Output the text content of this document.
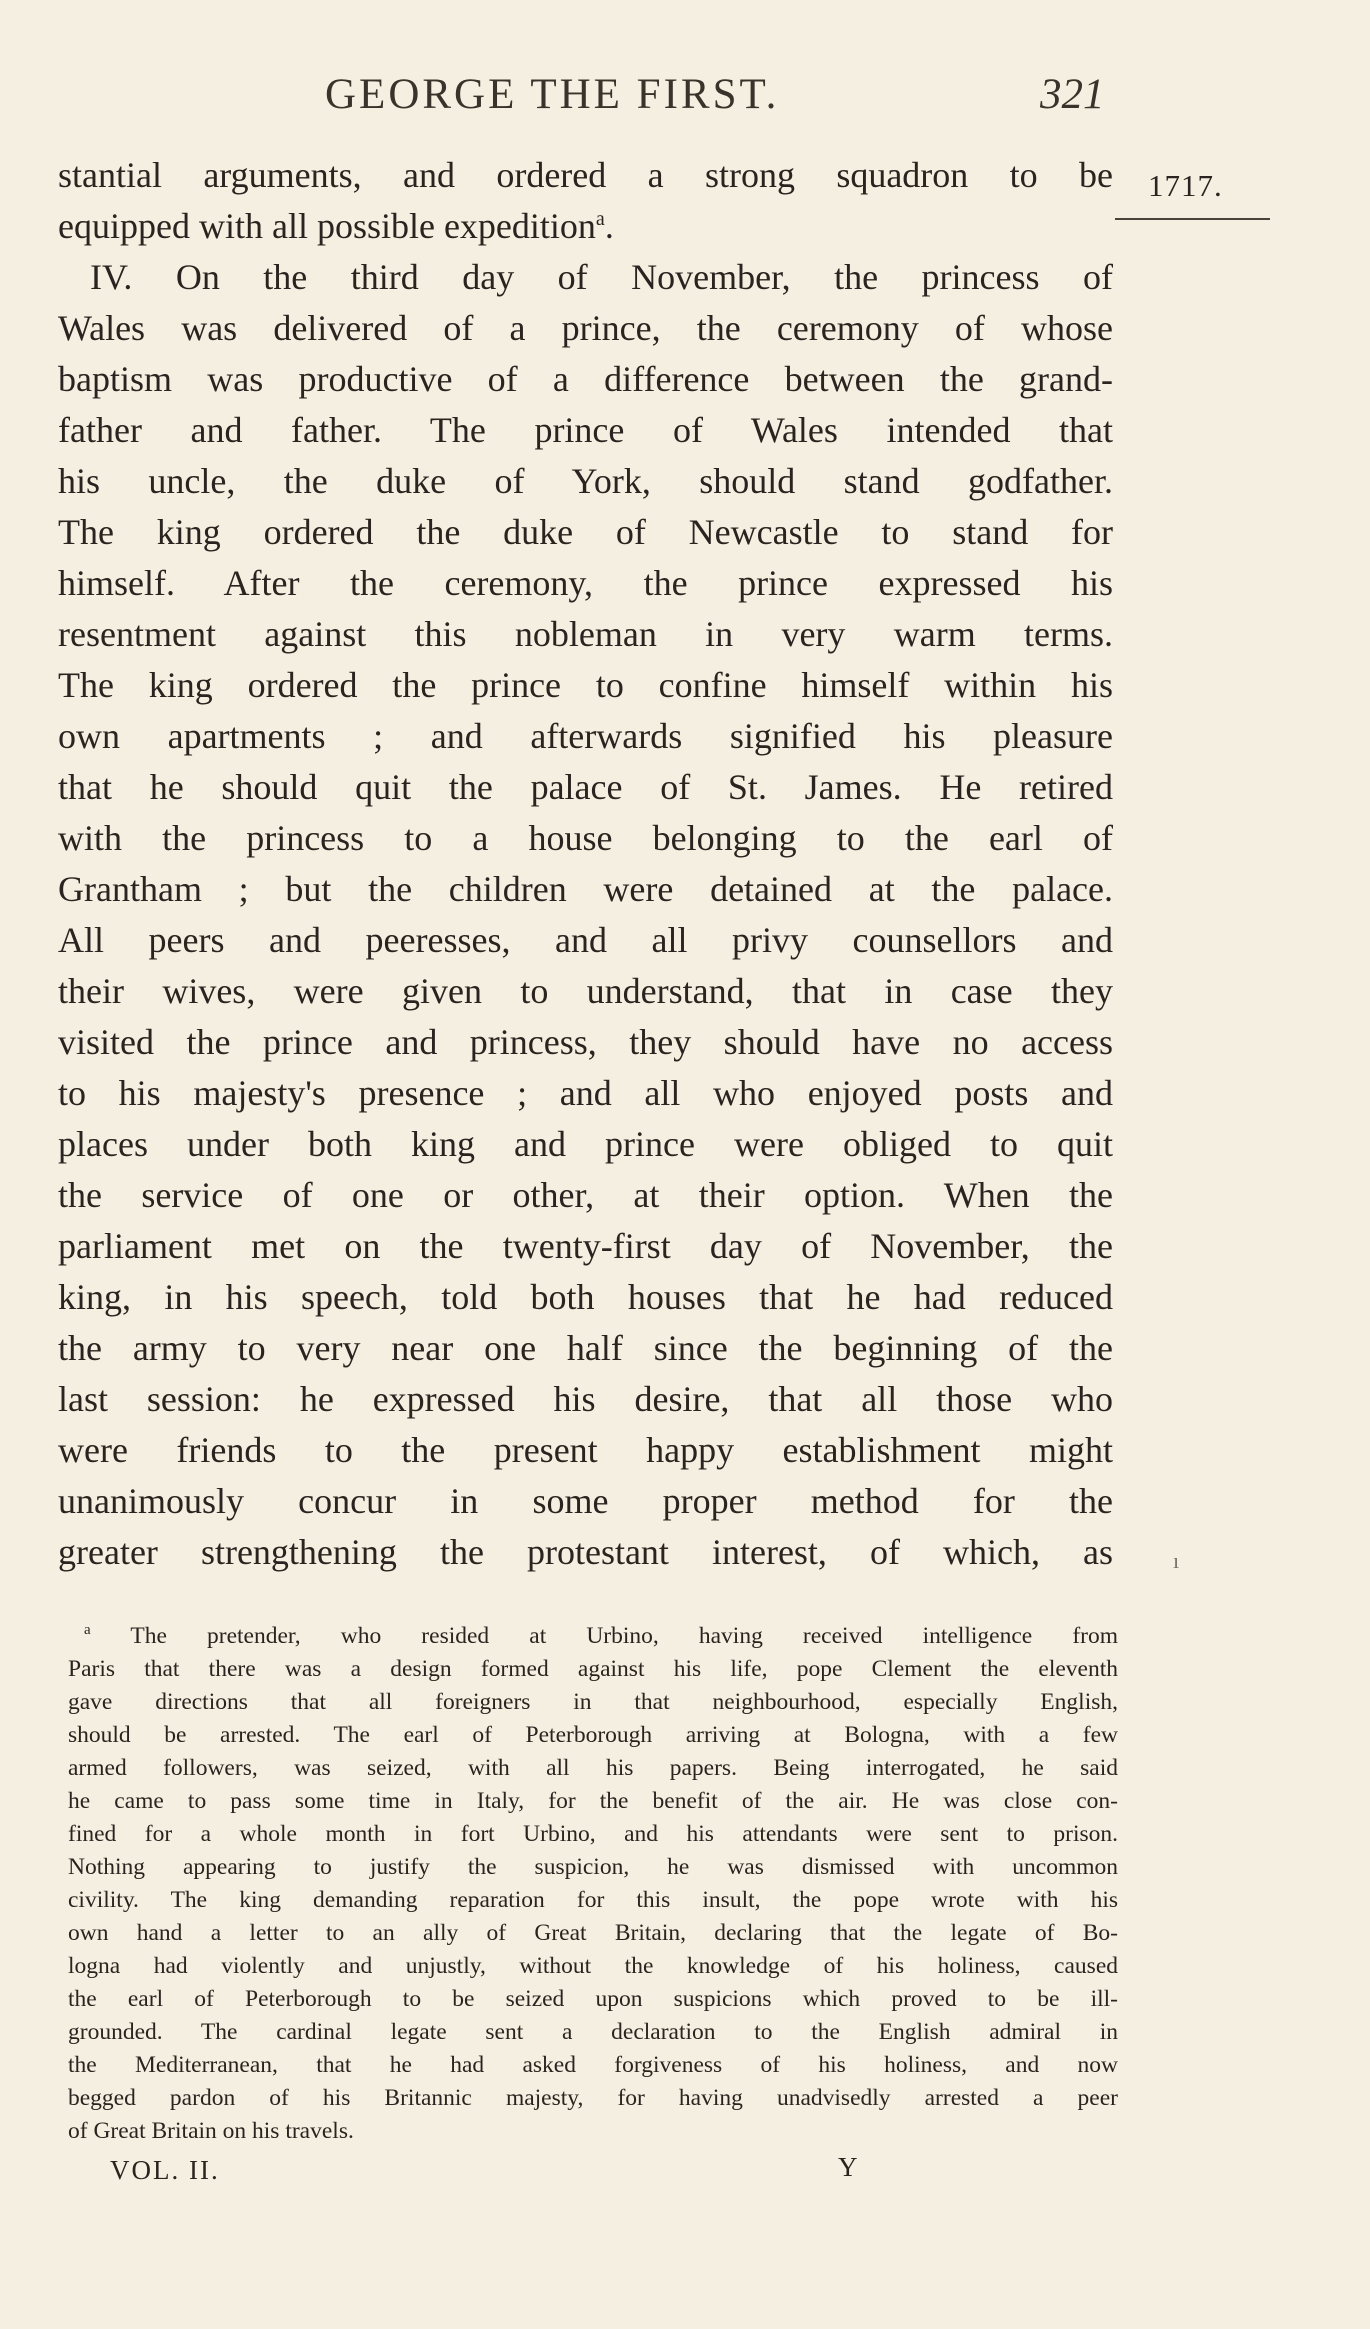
GEORGE THE FIRST.	321
1717.
ı
stantial arguments, and ordered a strong squadron to be
equipped with all possible expedition$^a$.
IV. On the third day of November, the princess of
Wales was delivered of a prince, the ceremony of whose
baptism was productive of a difference between the grand-
father and father. The prince of Wales intended that
his uncle, the duke of York, should stand godfather.
The king ordered the duke of Newcastle to stand for
himself. After the ceremony, the prince expressed his
resentment against this nobleman in very warm terms.
The king ordered the prince to confine himself within his
own apartments ; and afterwards signified his pleasure
that he should quit the palace of St. James. He retired
with the princess to a house belonging to the earl of
Grantham ; but the children were detained at the palace.
All peers and peeresses, and all privy counsellors and
their wives, were given to understand, that in case they
visited the prince and princess, they should have no access
to his majesty's presence ; and all who enjoyed posts and
places under both king and prince were obliged to quit
the service of one or other, at their option. When the
parliament met on the twenty-first day of November, the
king, in his speech, told both houses that he had reduced
the army to very near one half since the beginning of the
last session: he expressed his desire, that all those who
were friends to the present happy establishment might
unanimously concur in some proper method for the
greater strengthening the protestant interest, of which, as
$^a$ The pretender, who resided at Urbino, having received intelligence from
Paris that there was a design formed against his life, pope Clement the eleventh
gave directions that all foreigners in that neighbourhood, especially English,
should be arrested. The earl of Peterborough arriving at Bologna, with a few
armed followers, was seized, with all his papers. Being interrogated, he said
he came to pass some time in Italy, for the benefit of the air. He was close con-
fined for a whole month in fort Urbino, and his attendants were sent to prison.
Nothing appearing to justify the suspicion, he was dismissed with uncommon
civility. The king demanding reparation for this insult, the pope wrote with his
own hand a letter to an ally of Great Britain, declaring that the legate of Bo-
logna had violently and unjustly, without the knowledge of his holiness, caused
the earl of Peterborough to be seized upon suspicions which proved to be ill-
grounded. The cardinal legate sent a declaration to the English admiral in
the Mediterranean, that he had asked forgiveness of his holiness, and now
begged pardon of his Britannic majesty, for having unadvisedly arrested a peer
of Great Britain on his travels.
VOL. II.	Y
